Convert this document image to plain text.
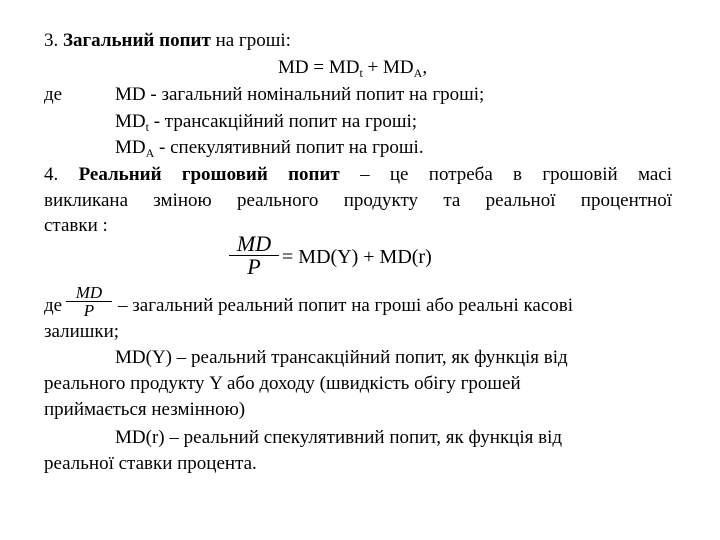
3. Загальний попит на гроші:
MD = $MD_t + MD_A$,
де	MD - загальний номінальний попит на гроші;
$MD_t$ - трансакційний попит на гроші;
$MD_A$ - спекулятивний попит на гроші.
4. Реальний грошовий попит – це потреба в грошовій масі
викликана зміною реального продукту та реальної процентної
ставки :
MD
P	= MD(Y) + MD(r)
де
MD
P	– загальний реальний попит на гроші або реальні касові
залишки;
MD(Y) – реальний трансакційний попит, як функція від
реального продукту Y або доходу (швидкість обігу грошей
приймається незмінною)
MD(r) – реальний спекулятивний попит, як функція від
реальної ставки процента.
